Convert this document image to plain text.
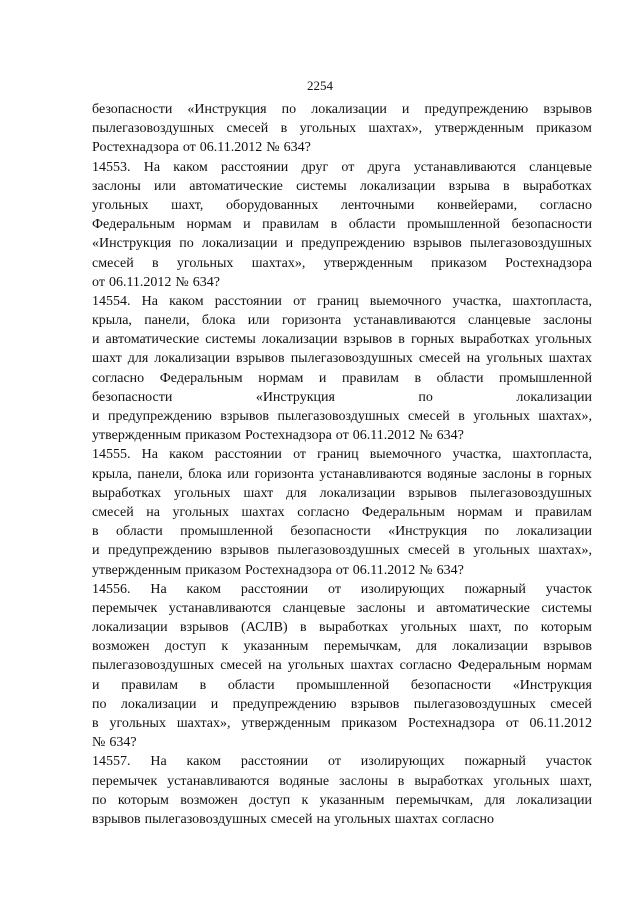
2254
безопасности «Инструкция по локализации и предупреждению взрывов
пылегазовоздушных смесей в угольных шахтах», утвержденным приказом
Ростехнадзора от 06.11.2012 № 634?
14553. На каком расстоянии друг от друга устанавливаются сланцевые
заслоны или автоматические системы локализации взрыва в выработках
угольных шахт, оборудованных ленточными конвейерами, согласно
Федеральным нормам и правилам в области промышленной безопасности
«Инструкция по локализации и предупреждению взрывов пылегазовоздушных
смесей в угольных шахтах», утвержденным приказом Ростехнадзора
от 06.11.2012 № 634?
14554. На каком расстоянии от границ выемочного участка, шахтопласта,
крыла, панели, блока или горизонта устанавливаются сланцевые заслоны
и автоматические системы локализации взрывов в горных выработках угольных
шахт для локализации взрывов пылегазовоздушных смесей на угольных шахтах
согласно Федеральным нормам и правилам в области промышленной
безопасности	«Инструкция	по	локализации
и предупреждению взрывов пылегазовоздушных смесей в угольных шахтах»,
утвержденным приказом Ростехнадзора от 06.11.2012 № 634?
14555. На каком расстоянии от границ выемочного участка, шахтопласта,
крыла, панели, блока или горизонта устанавливаются водяные заслоны в горных
выработках угольных шахт для локализации взрывов пылегазовоздушных
смесей на угольных шахтах согласно Федеральным нормам и правилам
в области промышленной безопасности «Инструкция по локализации
и предупреждению взрывов пылегазовоздушных смесей в угольных шахтах»,
утвержденным приказом Ростехнадзора от 06.11.2012 № 634?
14556. На каком расстоянии от изолирующих пожарный участок
перемычек устанавливаются сланцевые заслоны и автоматические системы
локализации взрывов (АСЛВ) в выработках угольных шахт, по которым
возможен доступ к указанным перемычкам, для локализации взрывов
пылегазовоздушных смесей на угольных шахтах согласно Федеральным нормам
и правилам в области промышленной безопасности «Инструкция
по локализации и предупреждению взрывов пылегазовоздушных смесей
в угольных шахтах», утвержденным приказом Ростехнадзора от 06.11.2012
№ 634?
14557. На каком расстоянии от изолирующих пожарный участок
перемычек устанавливаются водяные заслоны в выработках угольных шахт,
по которым возможен доступ к указанным перемычкам, для локализации
взрывов пылегазовоздушных смесей на угольных шахтах согласно
